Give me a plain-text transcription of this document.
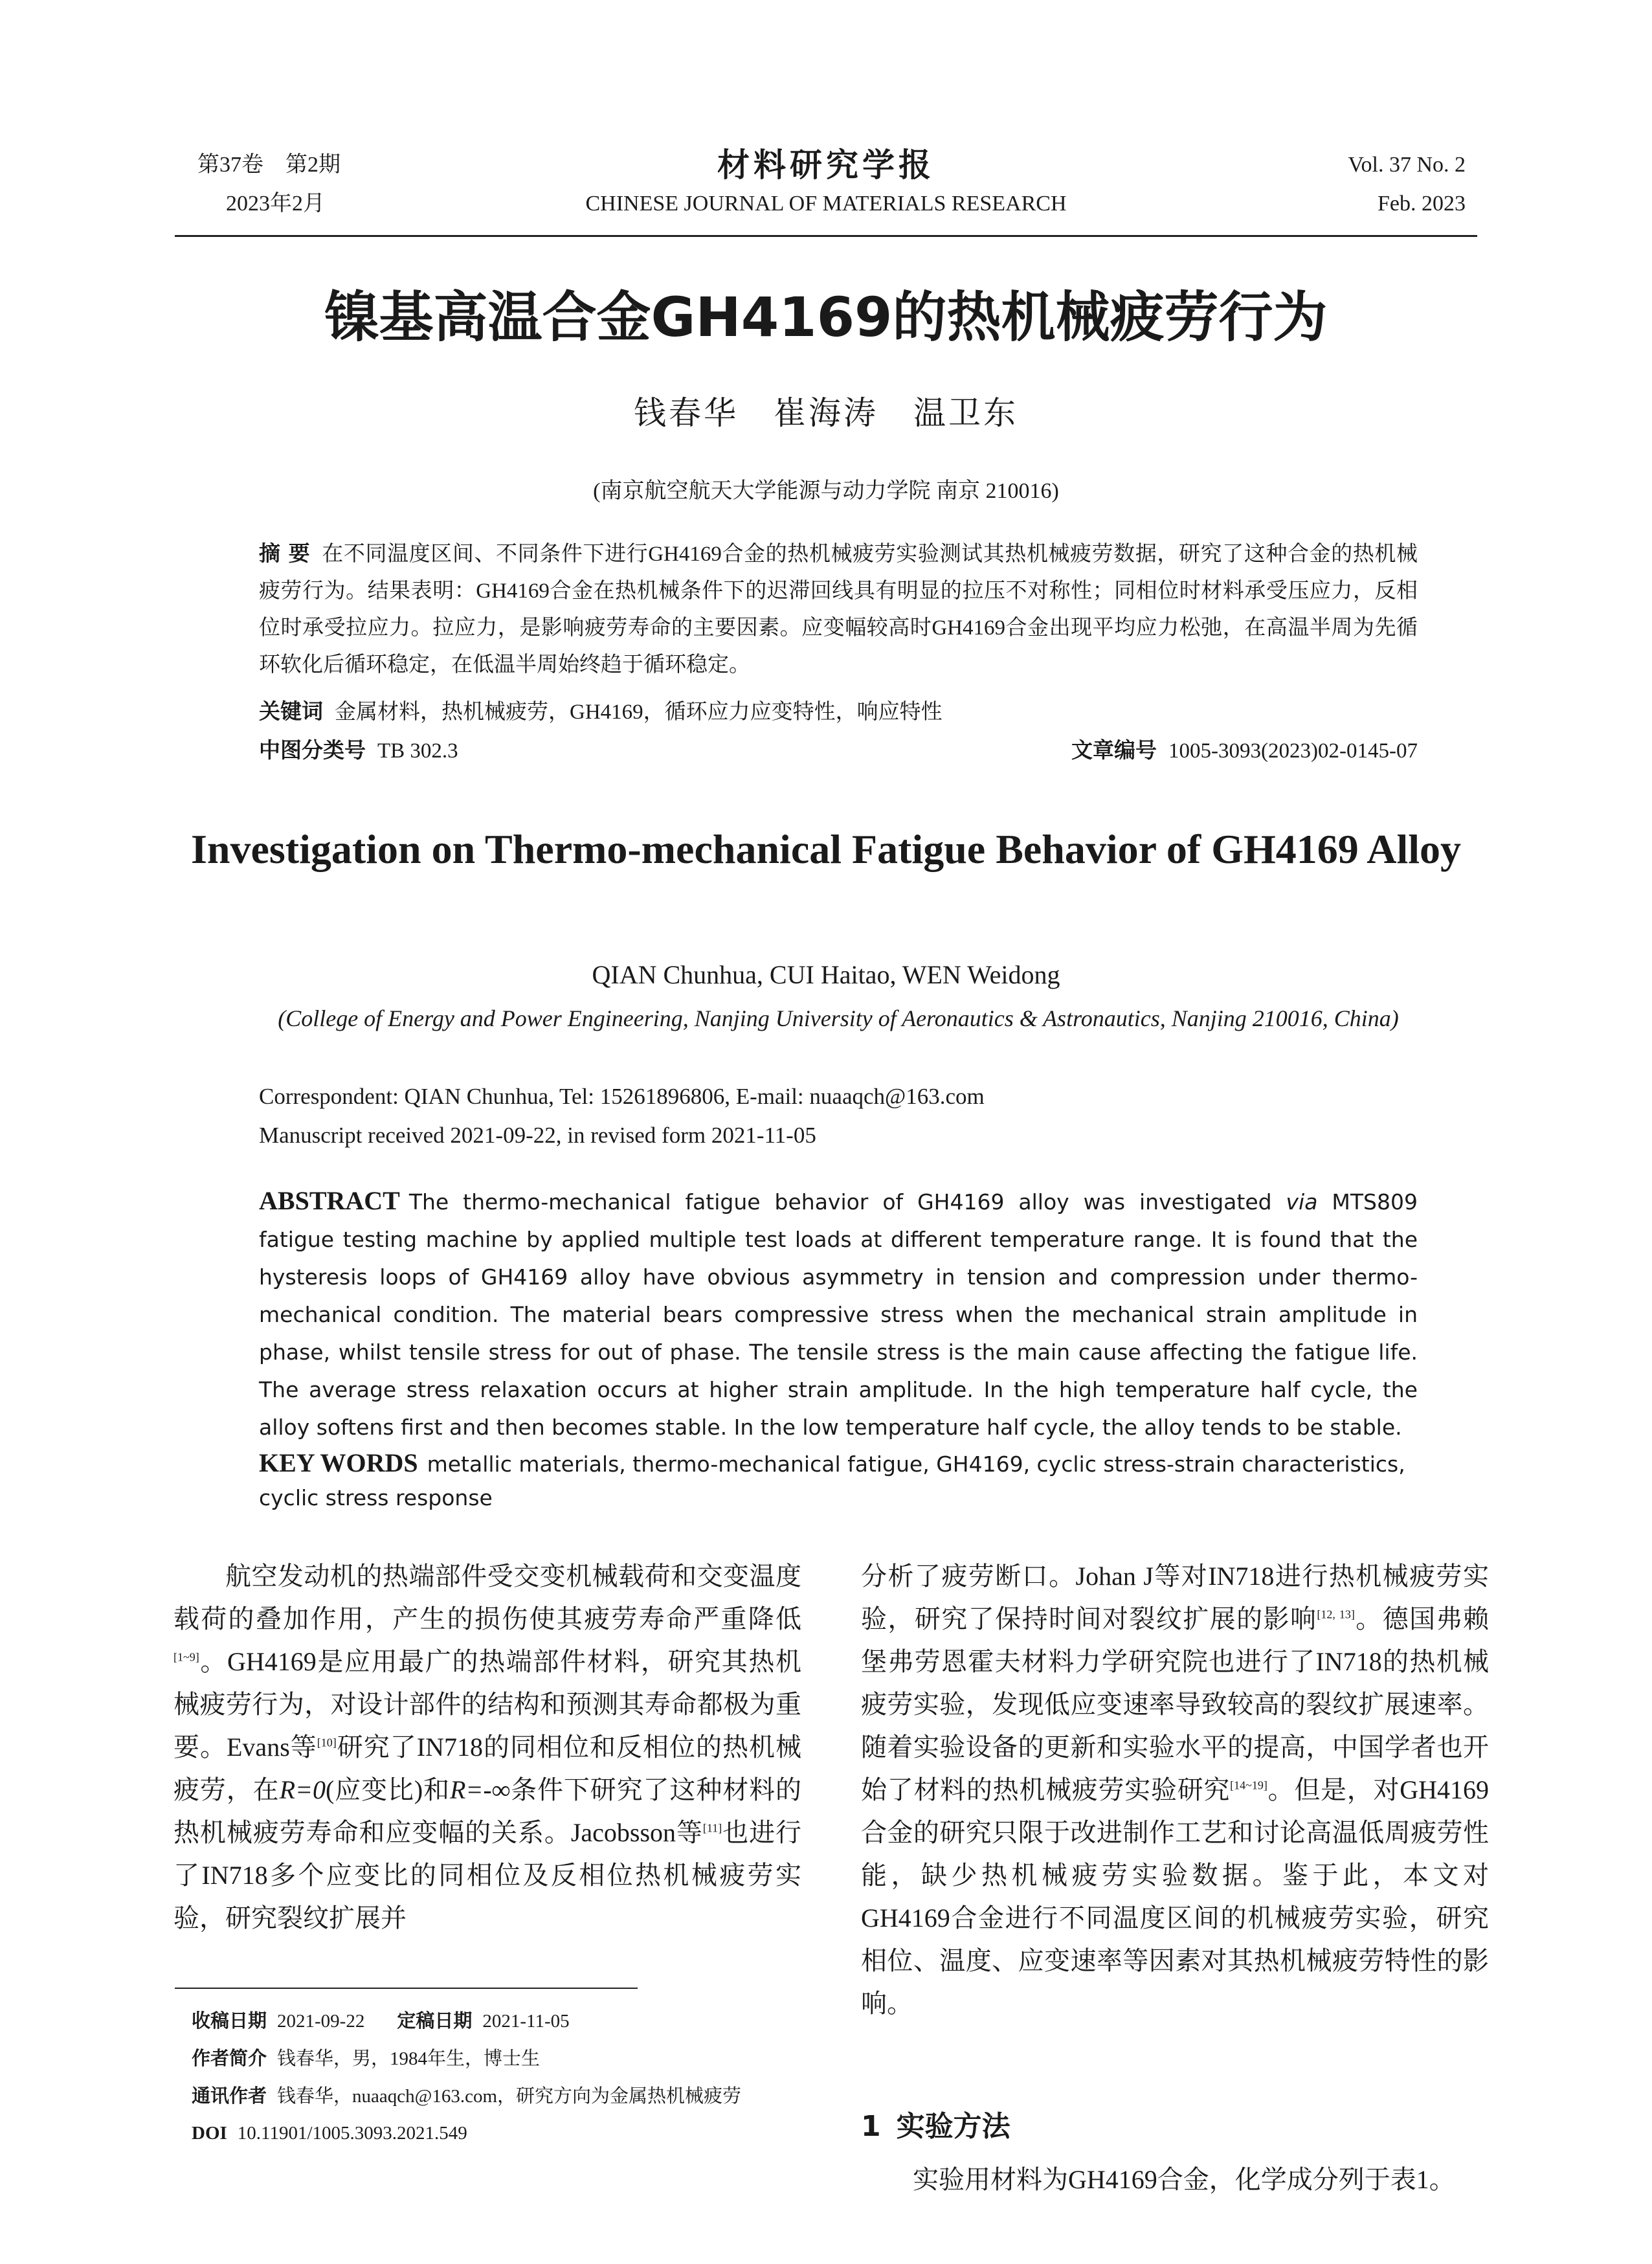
第37卷　第2期
2023年2月
材料研究学报
CHINESE JOURNAL OF MATERIALS RESEARCH
Vol. 37 No. 2
Feb. 2023
镍基高温合金GH4169的热机械疲劳行为
钱春华　崔海涛　温卫东
(南京航空航天大学能源与动力学院 南京 210016)
摘 要 在不同温度区间、不同条件下进行GH4169合金的热机械疲劳实验测试其热机械疲劳数据，研究了这种合金的热机械疲劳行为。结果表明：GH4169合金在热机械条件下的迟滞回线具有明显的拉压不对称性；同相位时材料承受压应力，反相位时承受拉应力。拉应力，是影响疲劳寿命的主要因素。应变幅较高时GH4169合金出现平均应力松弛，在高温半周为先循环软化后循环稳定，在低温半周始终趋于循环稳定。
关键词 金属材料，热机械疲劳，GH4169，循环应力应变特性，响应特性
中图分类号 TB 302.3	文章编号 1005-3093(2023)02-0145-07
Investigation on Thermo-mechanical Fatigue Behavior of GH4169 Alloy
QIAN Chunhua, CUI Haitao, WEN Weidong
(College of Energy and Power Engineering, Nanjing University of Aeronautics & Astronautics, Nanjing 210016, China)
Correspondent: QIAN Chunhua, Tel: 15261896806, E-mail: nuaaqch@163.com
Manuscript received 2021-09-22, in revised form 2021-11-05
ABSTRACT The thermo-mechanical fatigue behavior of GH4169 alloy was investigated via MTS809 fatigue testing machine by applied multiple test loads at different temperature range. It is found that the hysteresis loops of GH4169 alloy have obvious asymmetry in tension and compression under thermo-mechanical condition. The material bears compressive stress when the mechanical strain amplitude in phase, whilst tensile stress for out of phase. The tensile stress is the main cause affecting the fatigue life. The average stress relaxation occurs at higher strain amplitude. In the high temperature half cycle, the alloy softens first and then becomes stable. In the low temperature half cycle, the alloy tends to be stable.
KEY WORDS metallic materials, thermo-mechanical fatigue, GH4169, cyclic stress-strain characteristics, cyclic stress response
航空发动机的热端部件受交变机械载荷和交变温度载荷的叠加作用，产生的损伤使其疲劳寿命严重降低[1~9]。GH4169是应用最广的热端部件材料，研究其热机械疲劳行为，对设计部件的结构和预测其寿命都极为重要。Evans等[10]研究了IN718的同相位和反相位的热机械疲劳，在R=0(应变比)和R=-∞条件下研究了这种材料的热机械疲劳寿命和应变幅的关系。Jacobsson等[11]也进行了IN718多个应变比的同相位及反相位热机械疲劳实验，研究裂纹扩展并
分析了疲劳断口。Johan J等对IN718进行热机械疲劳实验，研究了保持时间对裂纹扩展的影响[12, 13]。德国弗赖堡弗劳恩霍夫材料力学研究院也进行了IN718的热机械疲劳实验，发现低应变速率导致较高的裂纹扩展速率。随着实验设备的更新和实验水平的提高，中国学者也开始了材料的热机械疲劳实验研究[14~19]。但是，对GH4169合金的研究只限于改进制作工艺和讨论高温低周疲劳性能，缺少热机械疲劳实验数据。鉴于此，本文对GH4169合金进行不同温度区间的机械疲劳实验，研究相位、温度、应变速率等因素对其热机械疲劳特性的影响。
1 实验方法
实验用材料为GH4169合金，化学成分列于表1。
收稿日期 2021-09-22 定稿日期 2021-11-05
作者简介 钱春华，男，1984年生，博士生
通讯作者 钱春华，nuaaqch@163.com，研究方向为金属热机械疲劳
DOI 10.11901/1005.3093.2021.549
